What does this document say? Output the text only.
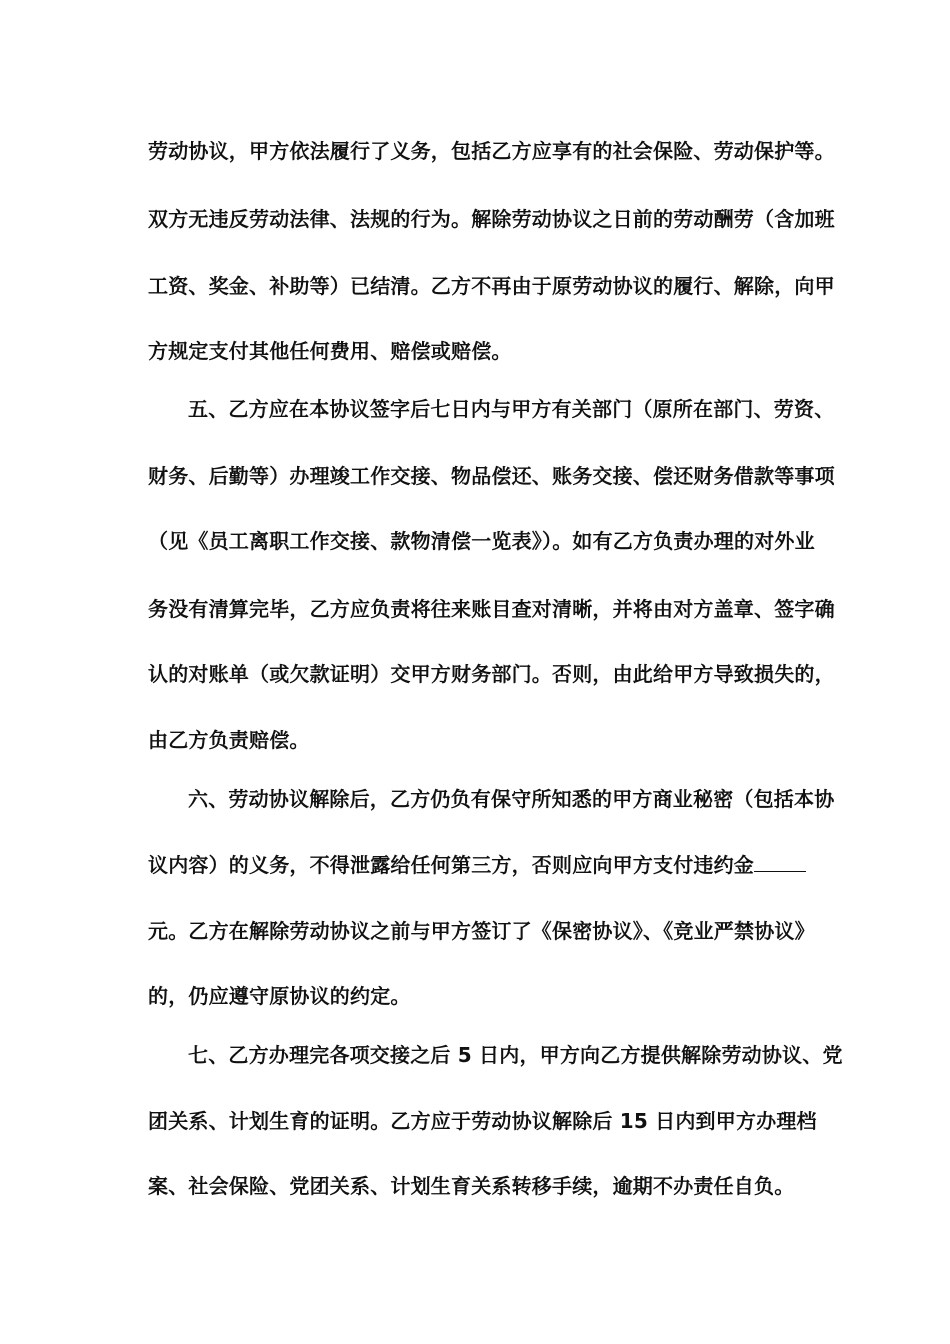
劳动协议，甲方依法履行了义务，包括乙方应享有的社会保险、劳动保护等。
双方无违反劳动法律、法规的行为。解除劳动协议之日前的劳动酬劳（含加班
工资、奖金、补助等）已结清。乙方不再由于原劳动协议的履行、解除，向甲
方规定支付其他任何费用、赔偿或赔偿。
五、乙方应在本协议签字后七日内与甲方有关部门（原所在部门、劳资、
财务、后勤等）办理竣工作交接、物品偿还、账务交接、偿还财务借款等事项
（见《员工离职工作交接、款物清偿一览表》）。如有乙方负责办理的对外业
务没有清算完毕，乙方应负责将往来账目查对清晰，并将由对方盖章、签字确
认的对账单（或欠款证明）交甲方财务部门。否则，由此给甲方导致损失的，
由乙方负责赔偿。
六、劳动协议解除后，乙方仍负有保守所知悉的甲方商业秘密（包括本协
议内容）的义务，不得泄露给任何第三方，否则应向甲方支付违约金
元。乙方在解除劳动协议之前与甲方签订了《保密协议》、《竞业严禁协议》
的，仍应遵守原协议的约定。
七、乙方办理完各项交接之后 5 日内，甲方向乙方提供解除劳动协议、党
团关系、计划生育的证明。乙方应于劳动协议解除后 15 日内到甲方办理档
案、社会保险、党团关系、计划生育关系转移手续，逾期不办责任自负。
